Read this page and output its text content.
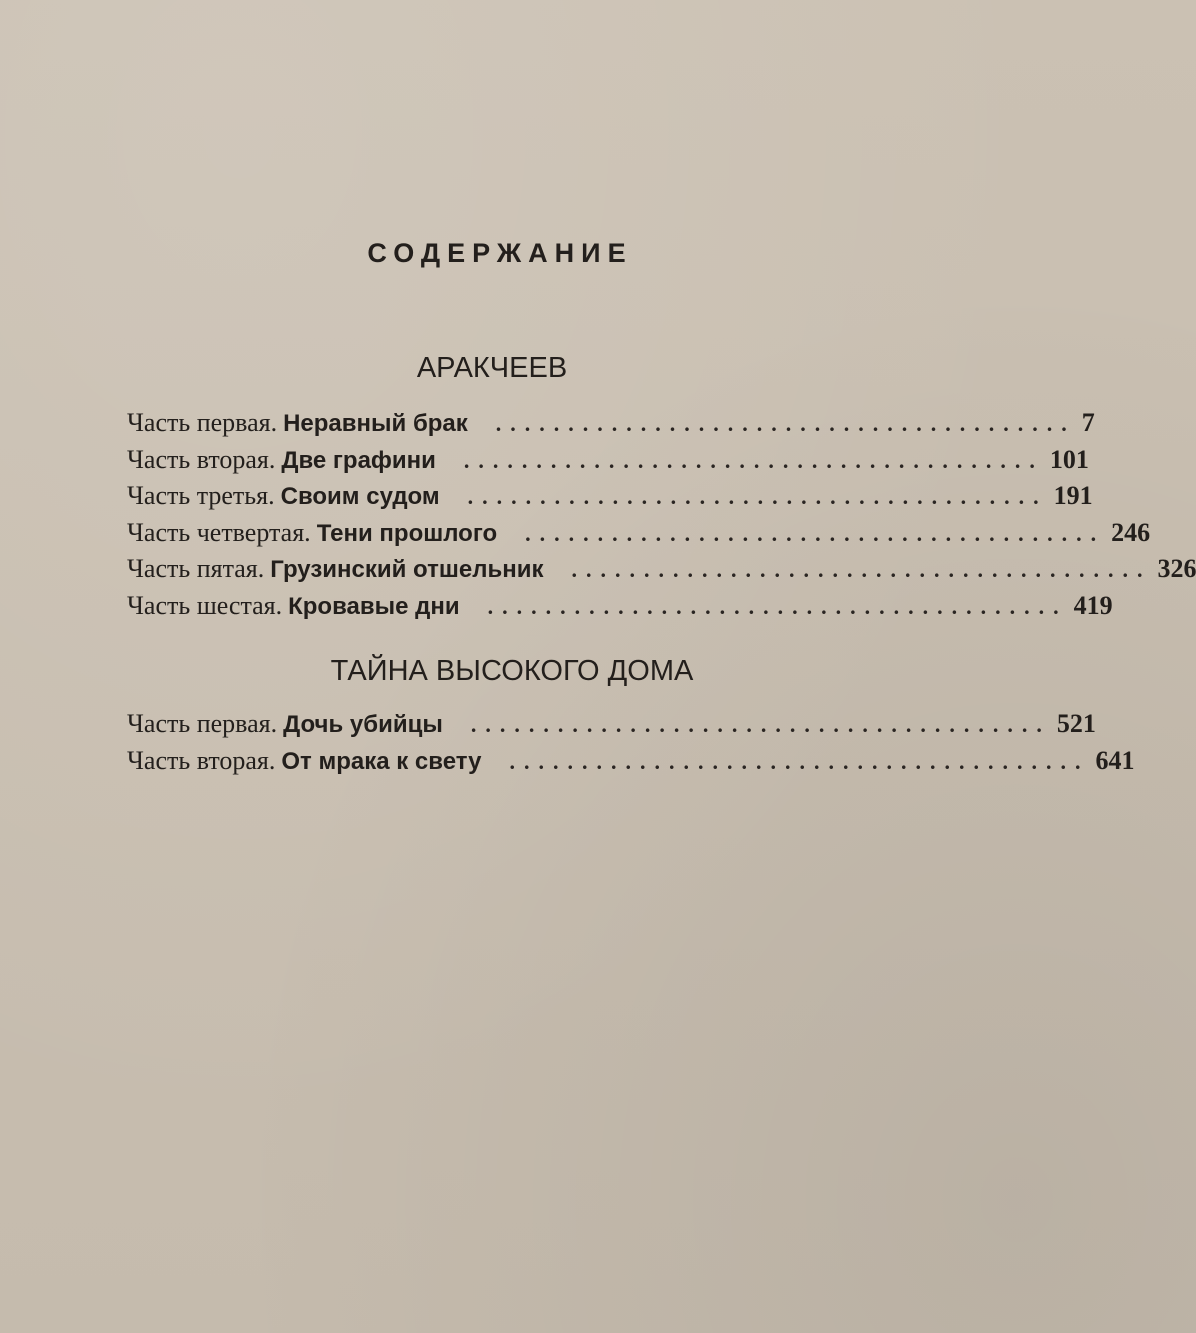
СОДЕРЖАНИЕ
АРАКЧЕЕВ
Часть первая. Неравный брак ........................................ 7
Часть вторая. Две графини ........................................ 101
Часть третья. Своим судом ........................................ 191
Часть четвертая. Тени прошлого ........................................ 246
Часть пятая. Грузинский отшельник ........................................ 326
Часть шестая. Кровавые дни ........................................ 419
ТАЙНА ВЫСОКОГО ДОМА
Часть первая. Дочь убийцы ........................................ 521
Часть вторая. От мрака к свету ........................................ 641
